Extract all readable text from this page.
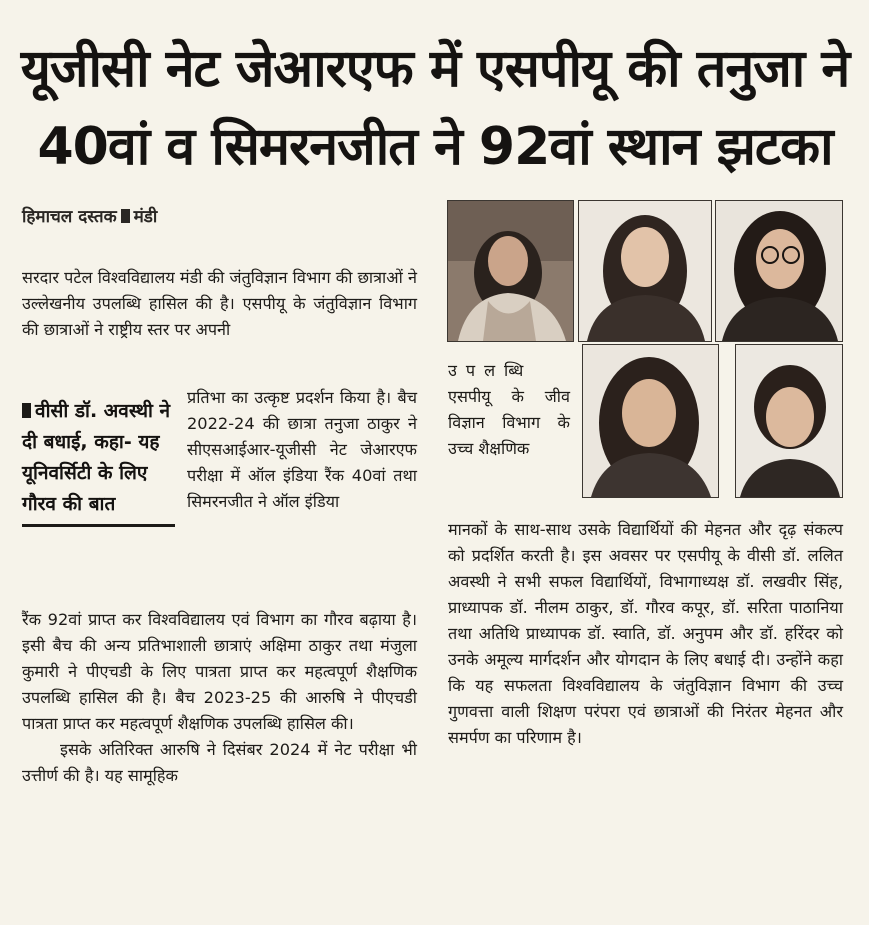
यूजीसी नेट जेआरएफ में एसपीयू की तनुजा ने
40वां व सिमरनजीत ने 92वां स्थान झटका
हिमाचल दस्तक मंडी

सरदार पटेल विश्वविद्यालय मंडी की जंतुविज्ञान विभाग की छात्राओं ने उल्लेखनीय उपलब्धि हासिल की है। एसपीयू के जंतुविज्ञान विभाग की छात्राओं ने राष्ट्रीय स्तर पर अपनी

वीसी डॉ. अवस्थी ने दी बधाई, कहा- यह यूनिवर्सिटी के लिए गौरव की बात

प्रतिभा का उत्कृष्ट प्रदर्शन किया है। बैच 2022-24 की छात्रा तनुजा ठाकुर ने सीएसआईआर-यूजीसी नेट जेआरएफ परीक्षा में ऑल इंडिया रैंक 40वां तथा सिमरनजीत ने ऑल इंडिया

रैंक 92वां प्राप्त कर विश्वविद्यालय एवं विभाग का गौरव बढ़ाया है। इसी बैच की अन्य प्रतिभाशाली छात्राएं अक्षिमा ठाकुर तथा मंजुला कुमारी ने पीएचडी के लिए पात्रता प्राप्त कर महत्वपूर्ण शैक्षणिक उपलब्धि हासिल की है। बैच 2023-25 की आरुषि ने पीएचडी पात्रता प्राप्त कर महत्वपूर्ण शैक्षणिक उपलब्धि हासिल की।

इसके अतिरिक्त आरुषि ने दिसंबर 2024 में नेट परीक्षा भी उत्तीर्ण की है। यह सामूहिक

उपलब्धि एसपीयू के जीव विज्ञान विभाग के उच्च शैक्षणिक

मानकों के साथ-साथ उसके विद्यार्थियों की मेहनत और दृढ़ संकल्प को प्रदर्शित करती है। इस अवसर पर एसपीयू के वीसी डॉ. ललित अवस्थी ने सभी सफल विद्यार्थियों, विभागाध्यक्ष डॉ. लखवीर सिंह, प्राध्यापक डॉ. नीलम ठाकुर, डॉ. गौरव कपूर, डॉ. सरिता पाठानिया तथा अतिथि प्राध्यापक डॉ. स्वाति, डॉ. अनुपम और डॉ. हरिंदर को उनके अमूल्य मार्गदर्शन और योगदान के लिए बधाई दी। उन्होंने कहा कि यह सफलता विश्वविद्यालय के जंतुविज्ञान विभाग की उच्च गुणवत्ता वाली शिक्षण परंपरा एवं छात्राओं की निरंतर मेहनत और समर्पण का परिणाम है।
